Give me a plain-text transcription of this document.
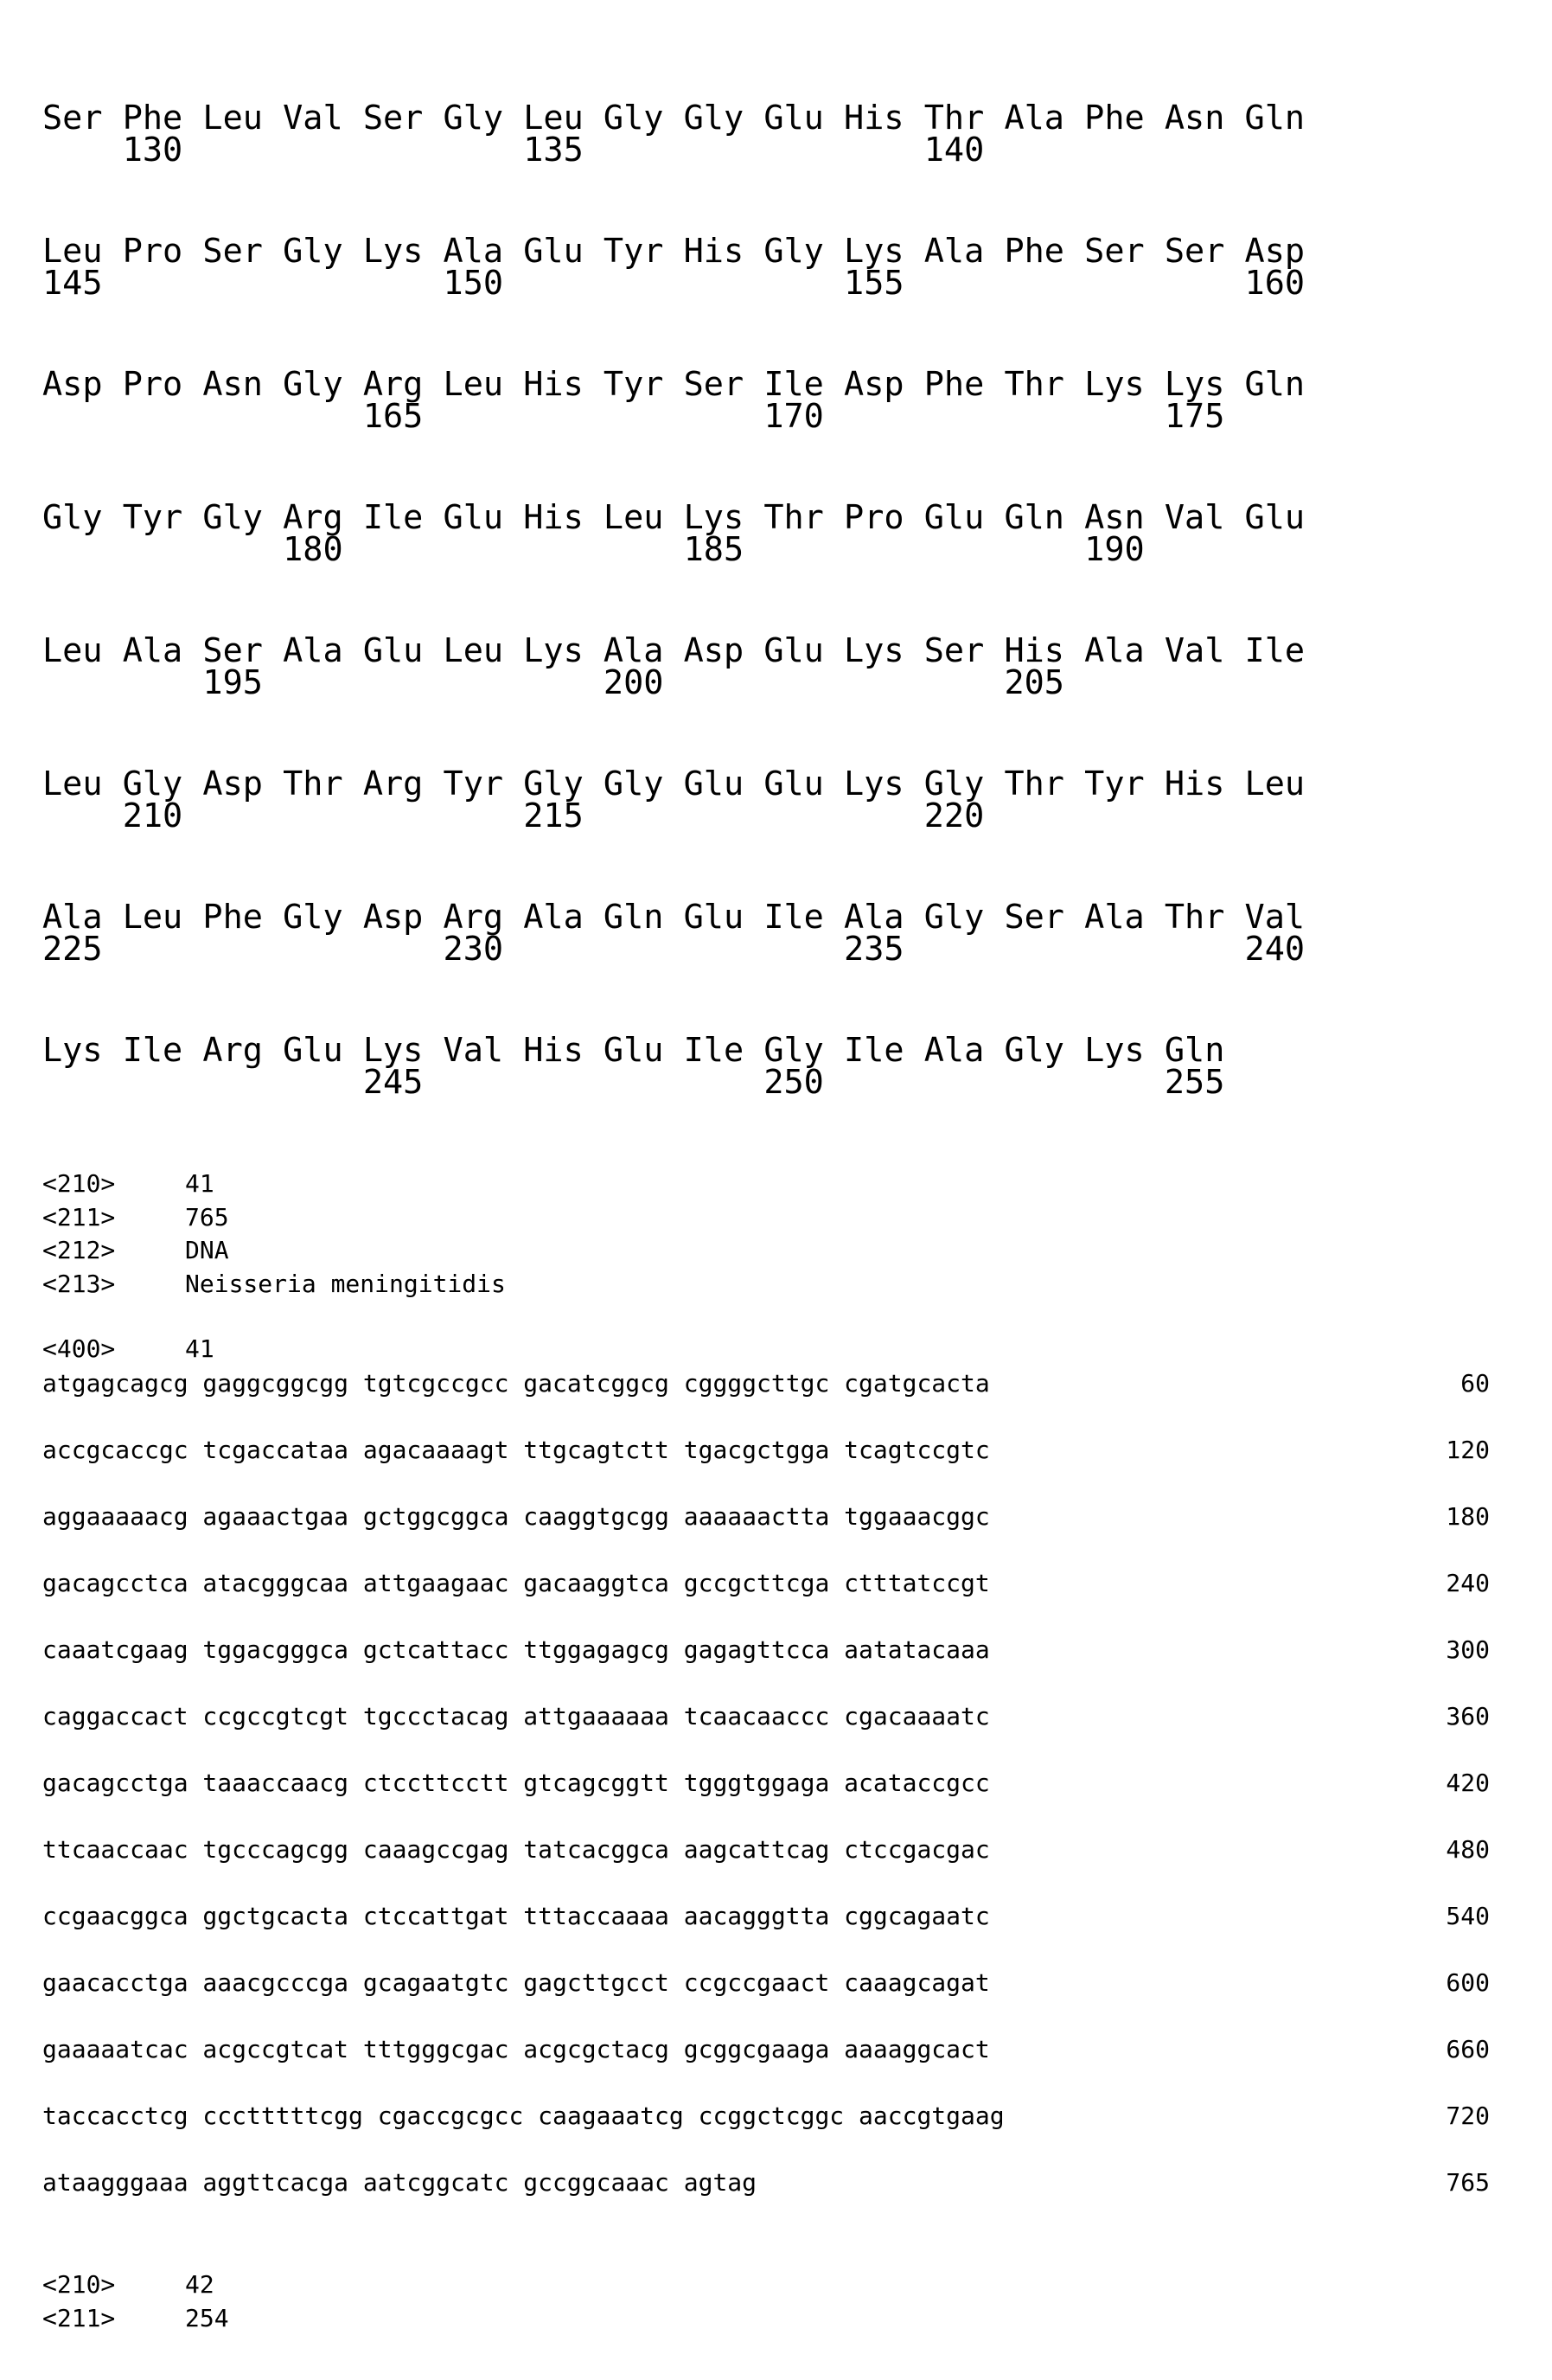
Ser Phe Leu Val Ser Gly Leu Gly Gly Glu His Thr Ala Phe Asn Gln
130	135	140
Leu Pro Ser Gly Lys Ala Glu Tyr His Gly Lys Ala Phe Ser Ser Asp
145	150	155	160
Asp Pro Asn Gly Arg Leu His Tyr Ser Ile Asp Phe Thr Lys Lys Gln
165	170	175
Gly Tyr Gly Arg Ile Glu His Leu Lys Thr Pro Glu Gln Asn Val Glu
180	185	190
Leu Ala Ser Ala Glu Leu Lys Ala Asp Glu Lys Ser His Ala Val Ile
195	200	205
Leu Gly Asp Thr Arg Tyr Gly Gly Glu Glu Lys Gly Thr Tyr His Leu
210	215	220
Ala Leu Phe Gly Asp Arg Ala Gln Glu Ile Ala Gly Ser Ala Thr Val
225	230	235	240
Lys Ile Arg Glu Lys Val His Glu Ile Gly Ile Ala Gly Lys Gln
245	250	255
<210>	41
<211>	765
<212>	DNA
<213>	Neisseria meningitidis
<400>	41
atgagcagcg gaggcggcgg tgtcgccgcc gacatcggcg cggggcttgc cgatgcacta	60
accgcaccgc tcgaccataa agacaaaagt ttgcagtctt tgacgctgga tcagtccgtc	120
aggaaaaacg agaaactgaa gctggcggca caaggtgcgg aaaaaactta tggaaacggc	180
gacagcctca atacgggcaa attgaagaac gacaaggtca gccgcttcga ctttatccgt	240
caaatcgaag tggacgggca gctcattacc ttggagagcg gagagttcca aatatacaaa	300
caggaccact ccgccgtcgt tgccctacag attgaaaaaa tcaacaaccc cgacaaaatc	360
gacagcctga taaaccaacg ctccttcctt gtcagcggtt tgggtggaga acataccgcc	420
ttcaaccaac tgcccagcgg caaagccgag tatcacggca aagcattcag ctccgacgac	480
ccgaacggca ggctgcacta ctccattgat tttaccaaaa aacagggtta cggcagaatc	540
gaacacctga aaacgcccga gcagaatgtc gagcttgcct ccgccgaact caaagcagat	600
gaaaaatcac acgccgtcat tttgggcgac acgcgctacg gcggcgaaga aaaaggcact	660
taccacctcg ccctttttcgg cgaccgcgcc caagaaatcg ccggctcggc aaccgtgaag	720
ataagggaaa aggttcacga aatcggcatc gccggcaaac agtag	765
<210>	42
<211>	254
